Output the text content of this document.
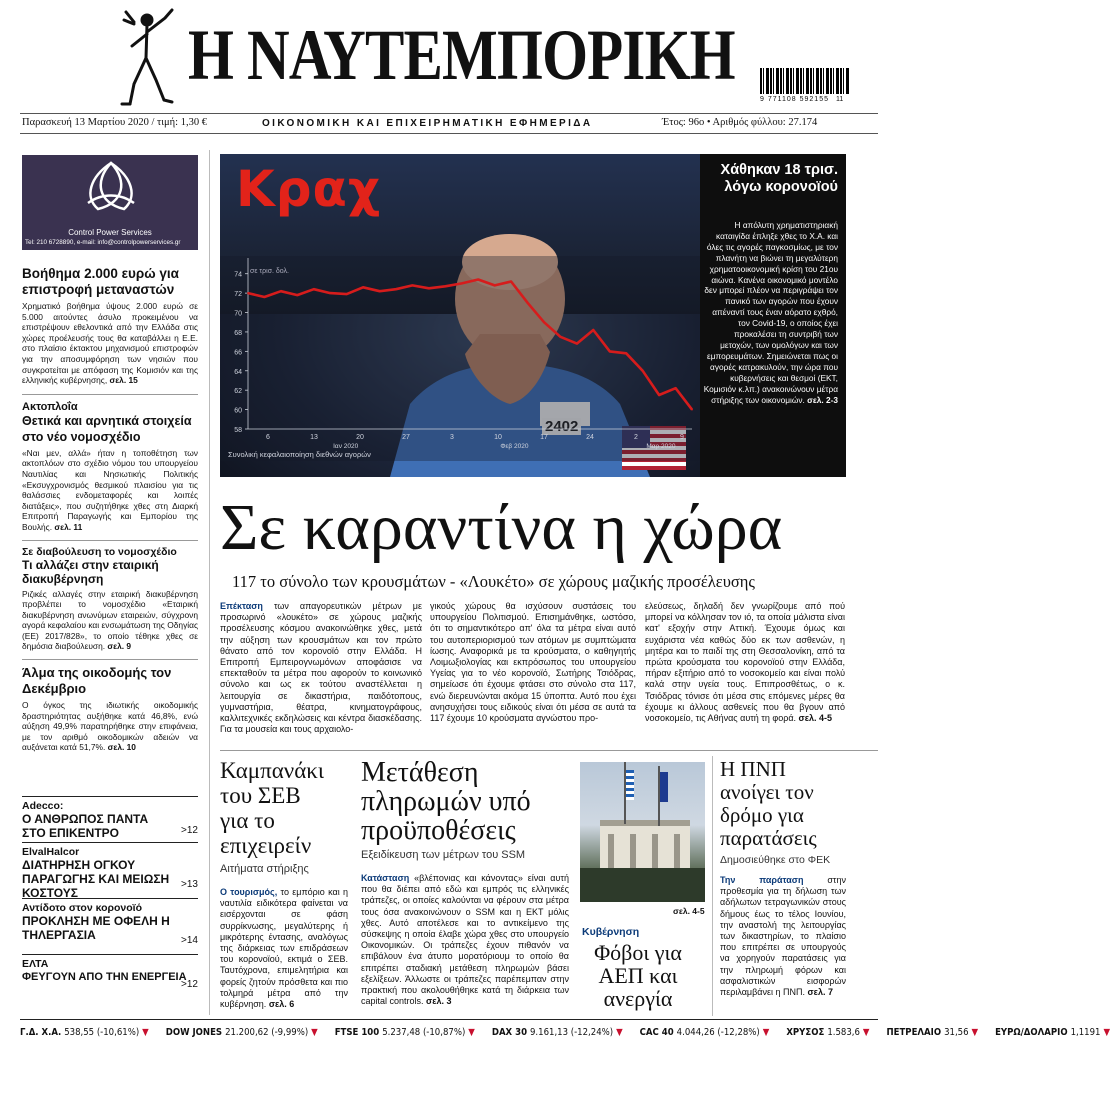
Η ΝΑΥΤΕΜΠΟΡΙΚΗ
9 771108 592155 11
Παρασκευή 13 Μαρτίου 2020 / τιμή: 1,30 €	ΟΙΚΟΝΟΜΙΚΗ ΚΑΙ ΕΠΙΧΕΙΡΗΜΑΤΙΚΗ ΕΦΗΜΕΡΙΔΑ	Έτος: 96ο • Αριθμός φύλλου: 27.174
Control Power Services
Tel: 210 6728890, e-mail: info@controlpowerservices.gr
Βοήθημα 2.000 ευρώ για επιστροφή μεταναστών
Χρηματικό βοήθημα ύψους 2.000 ευρώ σε 5.000 αιτούντες άσυλο προκειμένου να επιστρέψουν εθελοντικά από την Ελλάδα στις χώρες προέλευσής τους θα καταβάλλει η Ε.Ε. στο πλαίσιο έκτακτου μηχανισμού επιστροφών για την αποσυμφόρηση των νησιών που συγκροτείται με απόφαση της Κομισιόν και της ελληνικής κυβέρνησης, σελ. 15
Ακτοπλοΐα
Θετικά και αρνητικά στοιχεία στο νέο νομοσχέδιο
«Ναι μεν, αλλά» ήταν η τοποθέτηση των ακτοπλόων στο σχέδιο νόμου του υπουργείου Ναυτιλίας και Νησιωτικής Πολιτικής «Εκσυγχρονισμός θεσμικού πλαισίου για τις θαλάσσιες ενδομεταφορές και λοιπές διατάξεις», που συζητήθηκε χθες στη Διαρκή Επιτροπή Παραγωγής και Εμπορίου της Βουλής. σελ. 11
Σε διαβούλευση το νομοσχέδιο
Τι αλλάζει στην εταιρική διακυβέρνηση
Ριζικές αλλαγές στην εταιρική διακυβέρνηση προβλέπει το νομοσχέδιο «Εταιρική διακυβέρνηση ανωνύμων εταιρειών, σύγχρονη αγορά κεφαλαίου και ενσωμάτωση της Οδηγίας (ΕΕ) 2017/828», το οποίο τέθηκε χθες σε δημόσια διαβούλευση. σελ. 9
Άλμα της οικοδομής τον Δεκέμβριο
Ο όγκος της ιδιωτικής οικοδομικής δραστηριότητας αυξήθηκε κατά 46,8%, ενώ αύξηση 49,9% παρατηρήθηκε στην επιφάνεια, με τον αριθμό οικοδομικών αδειών να αυξάνεται κατά 51,7%. σελ. 10
Adecco:
Ο ΑΝΘΡΩΠΟΣ ΠΑΝΤΑ ΣΤΟ ΕΠΙΚΕΝΤΡΟ	>12
ElvalHalcor
ΔΙΑΤΗΡΗΣΗ ΟΓΚΟΥ ΠΑΡΑΓΩΓΗΣ ΚΑΙ ΜΕΙΩΣΗ ΚΟΣΤΟΥΣ
>13
Αντίδοτο στον κορονοϊό
ΠΡΟΚΛΗΣΗ ΜΕ ΟΦΕΛΗ Η ΤΗΛΕΡΓΑΣΙΑ	>14
ΕΛΤΑ
ΦΕΥΓΟΥΝ ΑΠΟ ΤΗΝ ΕΝΕΡΓΕΙΑ
>12
58
60
62
64
66
68
70
72
74
6	13	20	27	3	10	17	24	2	9
Ιαν 2020	Φεβ 2020	Μαρ 2020
Κραχ
σε τρισ. δολ.
Συνολική κεφαλαιοποίηση διεθνών αγορών
Χάθηκαν 18 τρισ. λόγω κορονοϊού
Η απόλυτη χρηματιστηριακή καταιγίδα έπληξε χθες το Χ.Α. και όλες τις αγορές παγκοσμίως, με τον πλανήτη να βιώνει τη μεγαλύτερη χρηματοοικονομική κρίση του 21ου αιώνα. Κανένα οικονομικό μοντέλο δεν μπορεί πλέον να περιγράψει τον πανικό των αγορών που έχουν απέναντί τους έναν αόρατο εχθρό, τον Covid-19, ο οποίος έχει προκαλέσει τη συντριβή των μετοχών, των ομολόγων και των εμπορευμάτων. Σημειώνεται πως οι αγορές κατρακυλούν, την ώρα που κυβερνήσεις και θεσμοί (ΕΚΤ, Κομισιόν κ.λπ.) ανακοινώνουν μέτρα στήριξης των οικονομιών. σελ. 2-3
Σε καραντίνα η χώρα
117 το σύνολο των κρουσμάτων - «Λουκέτο» σε χώρους μαζικής προσέλευσης
Επέκταση των απαγορευτικών μέτρων με προσωρινό «λουκέτο» σε χώρους μαζικής προσέλευσης κόσμου ανακοινώθηκε χθες, μετά την αύξηση των κρουσμάτων και τον πρώτο θάνατο από τον κορονοϊό στην Ελλάδα. Η Επιτροπή Εμπειρογνωμόνων αποφάσισε να επεκταθούν τα μέτρα που αφορούν το κοινωνικό σύνολο και ως εκ τούτου αναστέλλεται η λειτουργία σε δικαστήρια, παιδότοπους, γυμναστήρια, θέατρα, κινηματογράφους, καλλιτεχνικές εκδηλώσεις και κέντρα διασκέδασης. Για τα μουσεία και τους αρχαιολο-
γικούς χώρους θα ισχύσουν συστάσεις του υπουργείου Πολιτισμού. Επισημάνθηκε, ωστόσο, ότι το σημαντικότερο απ' όλα τα μέτρα είναι αυτό του αυτοπεριορισμού των ατόμων με συμπτώματα ίωσης. Αναφορικά με τα κρούσματα, ο καθηγητής Λοιμωξιολογίας και εκπρόσωπος του υπουργείου Υγείας για το νέο κορονοϊό, Σωτήρης Τσιόδρας, σημείωσε ότι έχουμε φτάσει στο σύνολο στα 117, ενώ διερευνώνται ακόμα 15 ύποπτα. Αυτό που έχει ανησυχήσει τους ειδικούς είναι ότι μέσα σε αυτά τα 117 έχουμε 10 κρούσματα αγνώστου προ-
ελεύσεως, δηλαδή δεν γνωρίζουμε από πού μπορεί να κόλλησαν τον ιό, τα οποία μάλιστα είναι κατ' εξοχήν στην Αττική. Έχουμε όμως και ευχάριστα νέα καθώς δύο εκ των ασθενών, η μητέρα και το παιδί της στη Θεσσαλονίκη, από τα πρώτα κρούσματα του κορονοϊού στην Ελλάδα, πήραν εξιτήριο από το νοσοκομείο και είναι πολύ καλά στην υγεία τους. Επιπροσθέτως, ο κ. Τσιόδρας τόνισε ότι μέσα στις επόμενες μέρες θα έχουμε κι άλλους ασθενείς που θα βγουν από νοσοκομείο, τις Αθήνας αυτή τη φορά. σελ. 4-5
Καμπανάκι του ΣΕΒ για το επιχειρείν
Αιτήματα στήριξης
Ο τουρισμός, το εμπόριο και η ναυτιλία ειδικότερα φαίνεται να εισέρχονται σε φάση συρρίκνωσης, μεγαλύτερης ή μικρότερης έντασης, αναλόγως της διάρκειας των επιδράσεων του κορονοϊού, εκτιμά ο ΣΕΒ. Ταυτόχρονα, επιμελητήρια και φορείς ζητούν πρόσθετα και πιο τολμηρά μέτρα από την κυβέρνηση. σελ. 6
Μετάθεση πληρωμών υπό προϋποθέσεις
Εξειδίκευση των μέτρων του SSM
Κατάσταση «βλέπονιας και κάνοντας» είναι αυτή που θα διέπει από εδώ και εμπρός τις ελληνικές τράπεζες, οι οποίες καλούνται να φέρουν στα μέτρα τους όσα ανακοινώνουν ο SSM και η ΕΚΤ μόλις χθες. Αυτό αποτέλεσε και το αντικείμενο της σύσκεψης η οποία έλαβε χώρα χθες στο υπουργείο Οικονομικών. Οι τράπεζες έχουν πιθανόν να επιβάλουν ένα άτυπο μορατόριουμ το οποίο θα επιτρέπει σταδιακή μετάθεση πληρωμών βάσει εξελίξεων. Άλλωστε οι τράπεζες παρέπεμπαν στην πρακτική που ακολουθήθηκε κατά τη διάρκεια των capital controls. σελ. 3
σελ. 4-5
Κυβέρνηση
Φόβοι για ΑΕΠ και ανεργία
Η ΠΝΠ ανοίγει τον δρόμο για παρατάσεις
Δημοσιεύθηκε στο ΦΕΚ
Την παράταση	στην προθεσμία για τη δήλωση των αδήλωτων τετραγωνικών στους δήμους έως το τέλος Ιουνίου, την αναστολή της λειτουργίας των δικαστηρίων, το πλαίσιο που επιτρέπει σε υπουργούς να χορηγούν παρατάσεις για την πληρωμή φόρων και ασφαλιστικών εισφορών περιλαμβάνει η ΠΝΠ. σελ. 7
Γ.Δ. Χ.Α. 538,55 (-10,61%) ▼ DOW JONES 21.200,62 (-9,99%) ▼ FTSE 100 5.237,48 (-10,87%) ▼ DAX 30 9.161,13 (-12,24%) ▼ CAC 40 4.044,26 (-12,28%) ▼ ΧΡΥΣΟΣ 1.583,6 ▼ ΠΕΤΡΕΛΑΙΟ 31,56 ▼ ΕΥΡΩ/ΔΟΛΑΡΙΟ 1,1191 ▼
